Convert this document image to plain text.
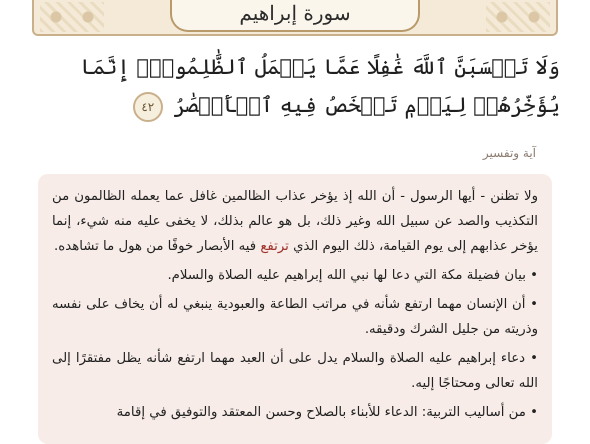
سورة إبراهيم
وَلَا تَحۡسَبَنَّ ٱللَّهَ غَٰفِلًا عَمَّا يَعۡمَلُ ٱلظَّٰلِمُونَۚ إِنَّمَا يُؤَخِّرُهُمۡ لِيَوۡمٖ تَشۡخَصُ فِيهِ ٱلۡأَبۡصَٰرُ ٤٢
آية وتفسير

ولا تظنن - أيها الرسول - أن الله إذ يؤخر عذاب الظالمين غافل عما يعمله الظالمون من التكذيب والصد عن سبيل الله وغير ذلك، بل هو عالم بذلك، لا يخفى عليه منه شيء، إنما يؤخر عذابهم إلى يوم القيامة، ذلك اليوم الذي ترتفع فيه الأبصار خوفًا من هول ما تشاهده.

• بيان فضيلة مكة التي دعا لها نبي الله إبراهيم عليه الصلاة والسلام.

• أن الإنسان مهما ارتفع شأنه في مراتب الطاعة والعبودية ينبغي له أن يخاف على نفسه وذريته من جليل الشرك ودقيقه.

• دعاء إبراهيم عليه الصلاة والسلام يدل على أن العبد مهما ارتفع شأنه يظل مفتقرًا إلى الله تعالى ومحتاجًا إليه.

• من أساليب التربية: الدعاء للأبناء بالصلاح وحسن المعتقد والتوفيق في إقامة
